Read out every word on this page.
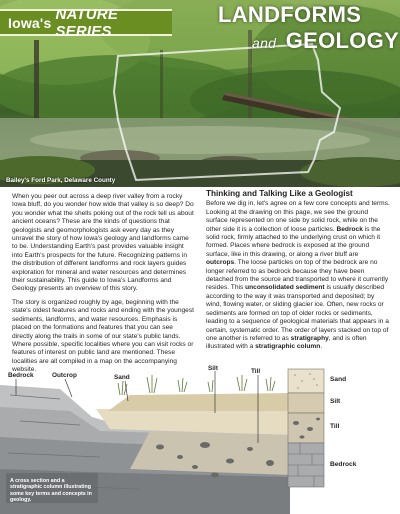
Iowa's NATURE SERIES
LANDFORMS
and GEOLOGY
Bailey's Ford Park, Delaware County

When you peer out across a deep river valley from a rocky Iowa bluff, do you wonder how wide that valley is so deep? Do you wonder what the shells poking out of the rock tell us about ancient oceans? These are the kinds of questions that geologists and geomorphologists ask every day as they unravel the story of how Iowa's geology and landforms came to be. Understanding Earth's past provides valuable insight into Earth's prospects for the future. Recognizing patterns in the distribution of different landforms and rock layers guides exploration for mineral and water resources and determines their sustainability. This guide to Iowa's Landforms and Geology presents an overview of this story.

The story is organized roughly by age, beginning with the state's oldest features and rocks and ending with the youngest sediments, landforms, and water resources. Emphasis is placed on the formations and features that you can see directly along the trails in some of our state's public lands. Where possible, specific localities where you can visit rocks or features of interest on public land are mentioned. These localities are all compiled in a map on the accompanying website.

Thinking and Talking Like a Geologist

Before we dig in, let's agree on a few core concepts and terms. Looking at the drawing on this page, we see the ground surface represented on one side by solid rock, while on the other side it is a collection of loose particles. Bedrock is the solid rock, firmly attached to the underlying crust on which it formed. Places where bedrock is exposed at the ground surface, like in this drawing, or along a river bluff are outcrops. The loose particles on top of the bedrock are no longer referred to as bedrock because they have been detached from the source and transported to where it currently resides. This unconsolidated sediment is usually described according to the way it was transported and deposited; by wind, flowing water, or sliding glacier ice. Often, new rocks or sediments are formed on top of older rocks or sediments, leading to a sequence of geological materials that appears in a certain, systematic order. The order of layers stacked on top of one another is referred to as stratigraphy, and is often illustrated with a stratigraphic column.

Bedrock	Outcrop	Sand
Silt	Till
Sand
Silt
Till
Bedrock
A cross section and a stratigraphic column illustrating some key terms and concepts in geology.
